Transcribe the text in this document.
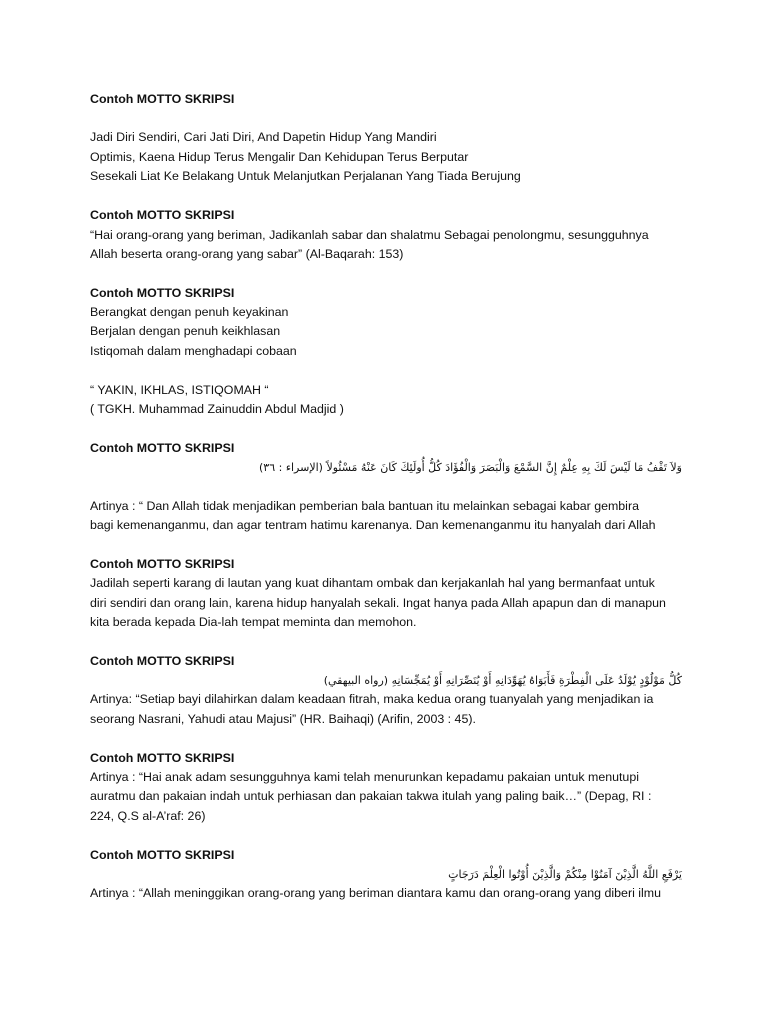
Contoh MOTTO SKRIPSI
Jadi Diri Sendiri, Cari Jati Diri, And Dapetin Hidup Yang Mandiri
Optimis, Kaena Hidup Terus Mengalir Dan Kehidupan Terus Berputar
Sesekali Liat Ke Belakang Untuk Melanjutkan Perjalanan Yang Tiada Berujung
Contoh MOTTO SKRIPSI
“Hai orang-orang yang beriman, Jadikanlah sabar dan shalatmu Sebagai penolongmu, sesungguhnya
Allah beserta orang-orang yang sabar” (Al-Baqarah: 153)
Contoh MOTTO SKRIPSI
Berangkat dengan penuh keyakinan
Berjalan dengan penuh keikhlasan
Istiqomah dalam menghadapi cobaan
“ YAKIN, IKHLAS, ISTIQOMAH “
( TGKH. Muhammad Zainuddin Abdul Madjid )
Contoh MOTTO SKRIPSI
وَلاَ تَقْفُ مَا لَيْسَ لَكَ بِهِ عِلْمٌ إِنَّ السَّمْعَ وَالْبَصَرَ وَالْفُؤَادَ كُلُّ أُولَئِكَ كَانَ عَنْهُ مَسْئُولاً (الإسراء : ٣٦)
Artinya : “ Dan Allah tidak menjadikan pemberian bala bantuan itu melainkan sebagai kabar gembira
bagi kemenanganmu, dan agar tentram hatimu karenanya. Dan kemenanganmu itu hanyalah dari Allah
Contoh MOTTO SKRIPSI
Jadilah seperti karang di lautan yang kuat dihantam ombak dan kerjakanlah hal yang bermanfaat untuk
diri sendiri dan orang lain, karena hidup hanyalah sekali. Ingat hanya pada Allah apapun dan di manapun
kita berada kepada Dia-lah tempat meminta dan memohon.
Contoh MOTTO SKRIPSI
كُلُّ مَوْلُوْدٍ يُوْلَدُ عَلَى الْفِطْرَةِ فَأَبَوَاهُ يُهَوِّدَانِهِ أَوْ يُنَصِّرَانِهِ أَوْ يُمَجِّسَانِهِ (رواه البيهقي)
Artinya: “Setiap bayi dilahirkan dalam keadaan fitrah, maka kedua orang tuanyalah yang menjadikan ia
seorang Nasrani, Yahudi atau Majusi” (HR. Baihaqi) (Arifin, 2003 : 45).
Contoh MOTTO SKRIPSI
Artinya : “Hai anak adam sesungguhnya kami telah menurunkan kepadamu pakaian untuk menutupi
auratmu dan pakaian indah untuk perhiasan dan pakaian takwa itulah yang paling baik…” (Depag, RI :
224, Q.S al-A’raf: 26)
Contoh MOTTO SKRIPSI
يَرْفَعِ اللَّهُ الَّذِيْنَ آمَنُوْا مِنْكُمْ وَالَّذِيْنَ أُوْتُوا الْعِلْمَ دَرَجَاتٍ
Artinya : “Allah meninggikan orang-orang yang beriman diantara kamu dan orang-orang yang diberi ilmu
